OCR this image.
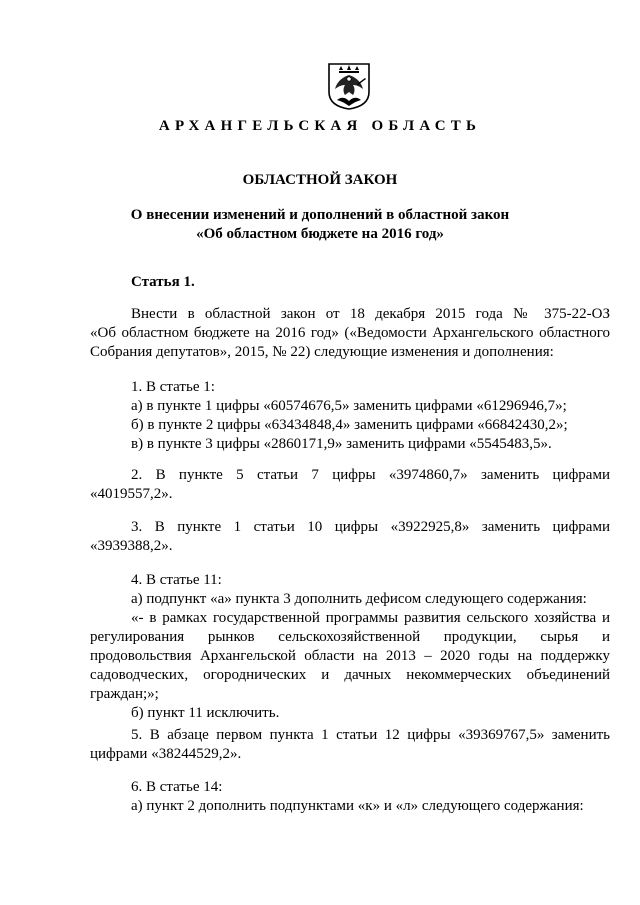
АРХАНГЕЛЬСКАЯ ОБЛАСТЬ
ОБЛАСТНОЙ ЗАКОН
О внесении изменений и дополнений в областной закон
«Об областном бюджете на 2016 год»
Статья 1.
Внести в областной закон от 18 декабря 2015 года № 375-22-ОЗ
«Об областном бюджете на 2016 год» («Ведомости Архангельского областного
Собрания депутатов», 2015, № 22) следующие изменения и дополнения:
1. В статье 1:
а) в пункте 1 цифры «60574676,5» заменить цифрами «61296946,7»;
б) в пункте 2 цифры «63434848,4» заменить цифрами «66842430,2»;
в) в пункте 3 цифры «2860171,9» заменить цифрами «5545483,5».
2. В пункте 5 статьи 7 цифры «3974860,7» заменить цифрами
«4019557,2».
3. В пункте 1 статьи 10 цифры «3922925,8» заменить цифрами
«3939388,2».
4. В статье 11:
а) подпункт «а» пункта 3 дополнить дефисом следующего содержания:
«- в рамках государственной программы развития сельского хозяйства и
регулирования рынков сельскохозяйственной продукции, сырья и
продовольствия Архангельской области на 2013 – 2020 годы на поддержку
садоводческих, огороднических и дачных некоммерческих объединений
граждан;»;
б) пункт 11 исключить.
5. В абзаце первом пункта 1 статьи 12 цифры «39369767,5» заменить
цифрами «38244529,2».
6. В статье 14:
а) пункт 2 дополнить подпунктами «к» и «л» следующего содержания:
